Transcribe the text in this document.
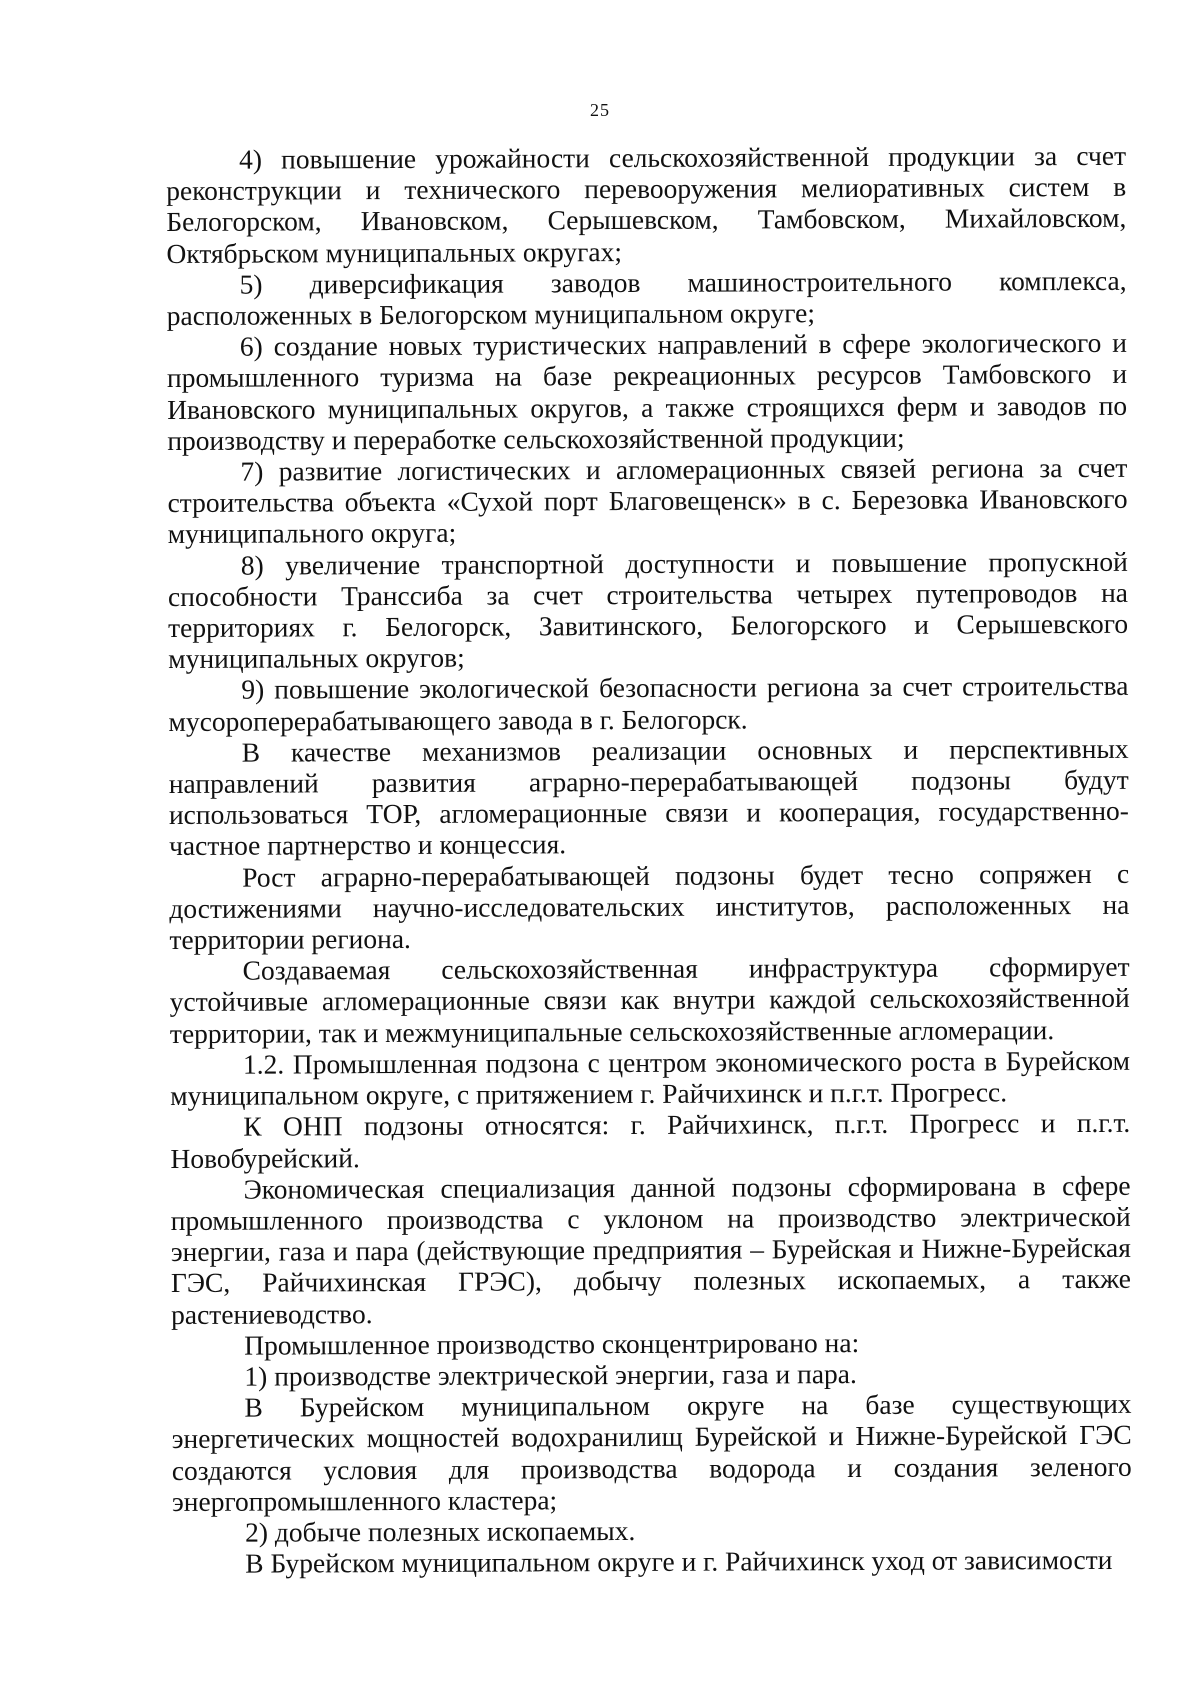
25

4) повышение урожайности сельскохозяйственной продукции за счет реконструкции и технического перевооружения мелиоративных систем в Белогорском, Ивановском, Серышевском, Тамбовском, Михайловском, Октябрьском муниципальных округах;

5) диверсификация заводов машиностроительного комплекса, расположенных в Белогорском муниципальном округе;

6) создание новых туристических направлений в сфере экологического и промышленного туризма на базе рекреационных ресурсов Тамбовского и Ивановского муниципальных округов, а также строящихся ферм и заводов по производству и переработке сельскохозяйственной продукции;

7) развитие логистических и агломерационных связей региона за счет строительства объекта «Сухой порт Благовещенск» в с. Березовка Ивановского муниципального округа;

8) увеличение транспортной доступности и повышение пропускной способности Транссиба за счет строительства четырех путепроводов на территориях г. Белогорск, Завитинского, Белогорского и Серышевского муниципальных округов;

9) повышение экологической безопасности региона за счет строительства мусороперерабатывающего завода в г. Белогорск.

В качестве механизмов реализации основных и перспективных направлений развития аграрно-перерабатывающей подзоны будут использоваться ТОР, агломерационные связи и кооперация, государственно-частное партнерство и концессия.

Рост аграрно-перерабатывающей подзоны будет тесно сопряжен с достижениями научно-исследовательских институтов, расположенных на территории региона.

Создаваемая сельскохозяйственная инфраструктура сформирует устойчивые агломерационные связи как внутри каждой сельскохозяйственной территории, так и межмуниципальные сельскохозяйственные агломерации.

1.2. Промышленная подзона с центром экономического роста в Бурейском муниципальном округе, с притяжением г. Райчихинск и п.г.т. Прогресс.

К ОНП подзоны относятся: г. Райчихинск, п.г.т. Прогресс и п.г.т. Новобурейский.

Экономическая специализация данной подзоны сформирована в сфере промышленного производства с уклоном на производство электрической энергии, газа и пара (действующие предприятия – Бурейская и Нижне-Бурейская ГЭС, Райчихинская ГРЭС), добычу полезных ископаемых, а также растениеводство.

Промышленное производство сконцентрировано на:

1) производстве электрической энергии, газа и пара.

В Бурейском муниципальном округе на базе существующих энергетических мощностей водохранилищ Бурейской и Нижне-Бурейской ГЭС создаются условия для производства водорода и создания зеленого энергопромышленного кластера;

2) добыче полезных ископаемых.

В Бурейском муниципальном округе и г. Райчихинск уход от зависимости
